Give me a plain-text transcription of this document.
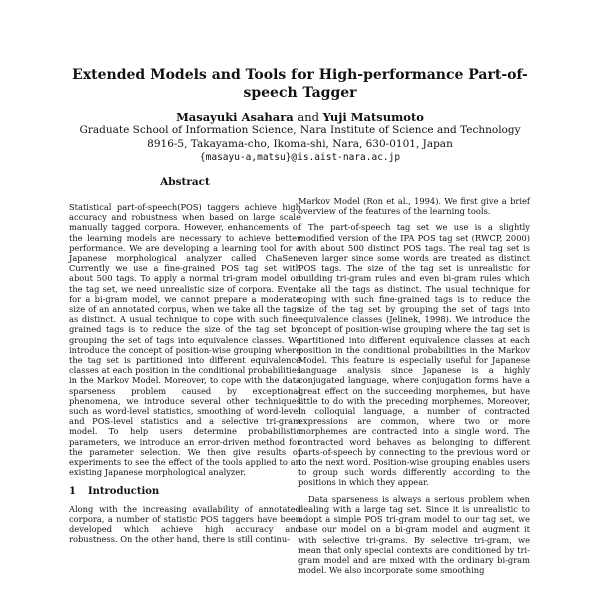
Extended Models and Tools for High-performance Part-of-speech Tagger
Masayuki Asahara and Yuji Matsumoto
Graduate School of Information Science, Nara Institute of Science and Technology
8916-5, Takayama-cho, Ikoma-shi, Nara, 630-0101, Japan
{masayu-a,matsu}@is.aist-nara.ac.jp
Abstract

Statistical part-of-speech(POS) taggers achieve high accuracy and robustness when based on large scale manually tagged corpora. However, enhancements of the learning models are necessary to achieve better performance. We are developing a learning tool for a Japanese morphological analyzer called ChaSen. Currently we use a fine-grained POS tag set with about 500 tags. To apply a normal tri-gram model on the tag set, we need unrealistic size of corpora. Even, for a bi-gram model, we cannot prepare a moderate size of an annotated corpus, when we take all the tags as distinct. A usual technique to cope with such fine-grained tags is to reduce the size of the tag set by grouping the set of tags into equivalence classes. We introduce the concept of position-wise grouping where the tag set is partitioned into different equivalence classes at each position in the conditional probabilities in the Markov Model. Moreover, to cope with the data sparseness problem caused by exceptional phenomena, we introduce several other techniques such as word-level statistics, smoothing of word-level and POS-level statistics and a selective tri-gram model. To help users determine probabilistic parameters, we introduce an error-driven method for the parameter selection. We then give results of experiments to see the effect of the tools applied to an existing Japanese morphological analyzer.

1 Introduction

Along with the increasing availability of annotated corpora, a number of statistic POS taggers have been developed which achieve high accuracy and robustness. On the other hand, there is still continu-

Markov Model (Ron et al., 1994). We first give a brief overview of the features of the learning tools.

The part-of-speech tag set we use is a slightly modified version of the IPA POS tag set (RWCP, 2000) with about 500 distinct POS tags. The real tag set is even larger since some words are treated as distinct POS tags. The size of the tag set is unrealistic for building tri-gram rules and even bi-gram rules which take all the tags as distinct. The usual technique for coping with such fine-grained tags is to reduce the size of the tag set by grouping the set of tags into equivalence classes (Jelinek, 1998). We introduce the concept of position-wise grouping where the tag set is partitioned into different equivalence classes at each position in the conditional probabilities in the Markov Model. This feature is especially useful for Japanese language analysis since Japanese is a highly conjugated language, where conjugation forms have a great effect on the succeeding morphemes, but have little to do with the preceding morphemes. Moreover, in colloquial language, a number of contracted expressions are common, where two or more morphemes are contracted into a single word. The contracted word behaves as belonging to different parts-of-speech by connecting to the previous word or to the next word. Position-wise grouping enables users to group such words differently according to the positions in which they appear.

Data sparseness is always a serious problem when dealing with a large tag set. Since it is unrealistic to adopt a simple POS tri-gram model to our tag set, we base our model on a bi-gram model and augment it with selective tri-grams. By selective tri-gram, we mean that only special contexts are conditioned by tri-gram model and are mixed with the ordinary bi-gram model. We also incorporate some smoothing
